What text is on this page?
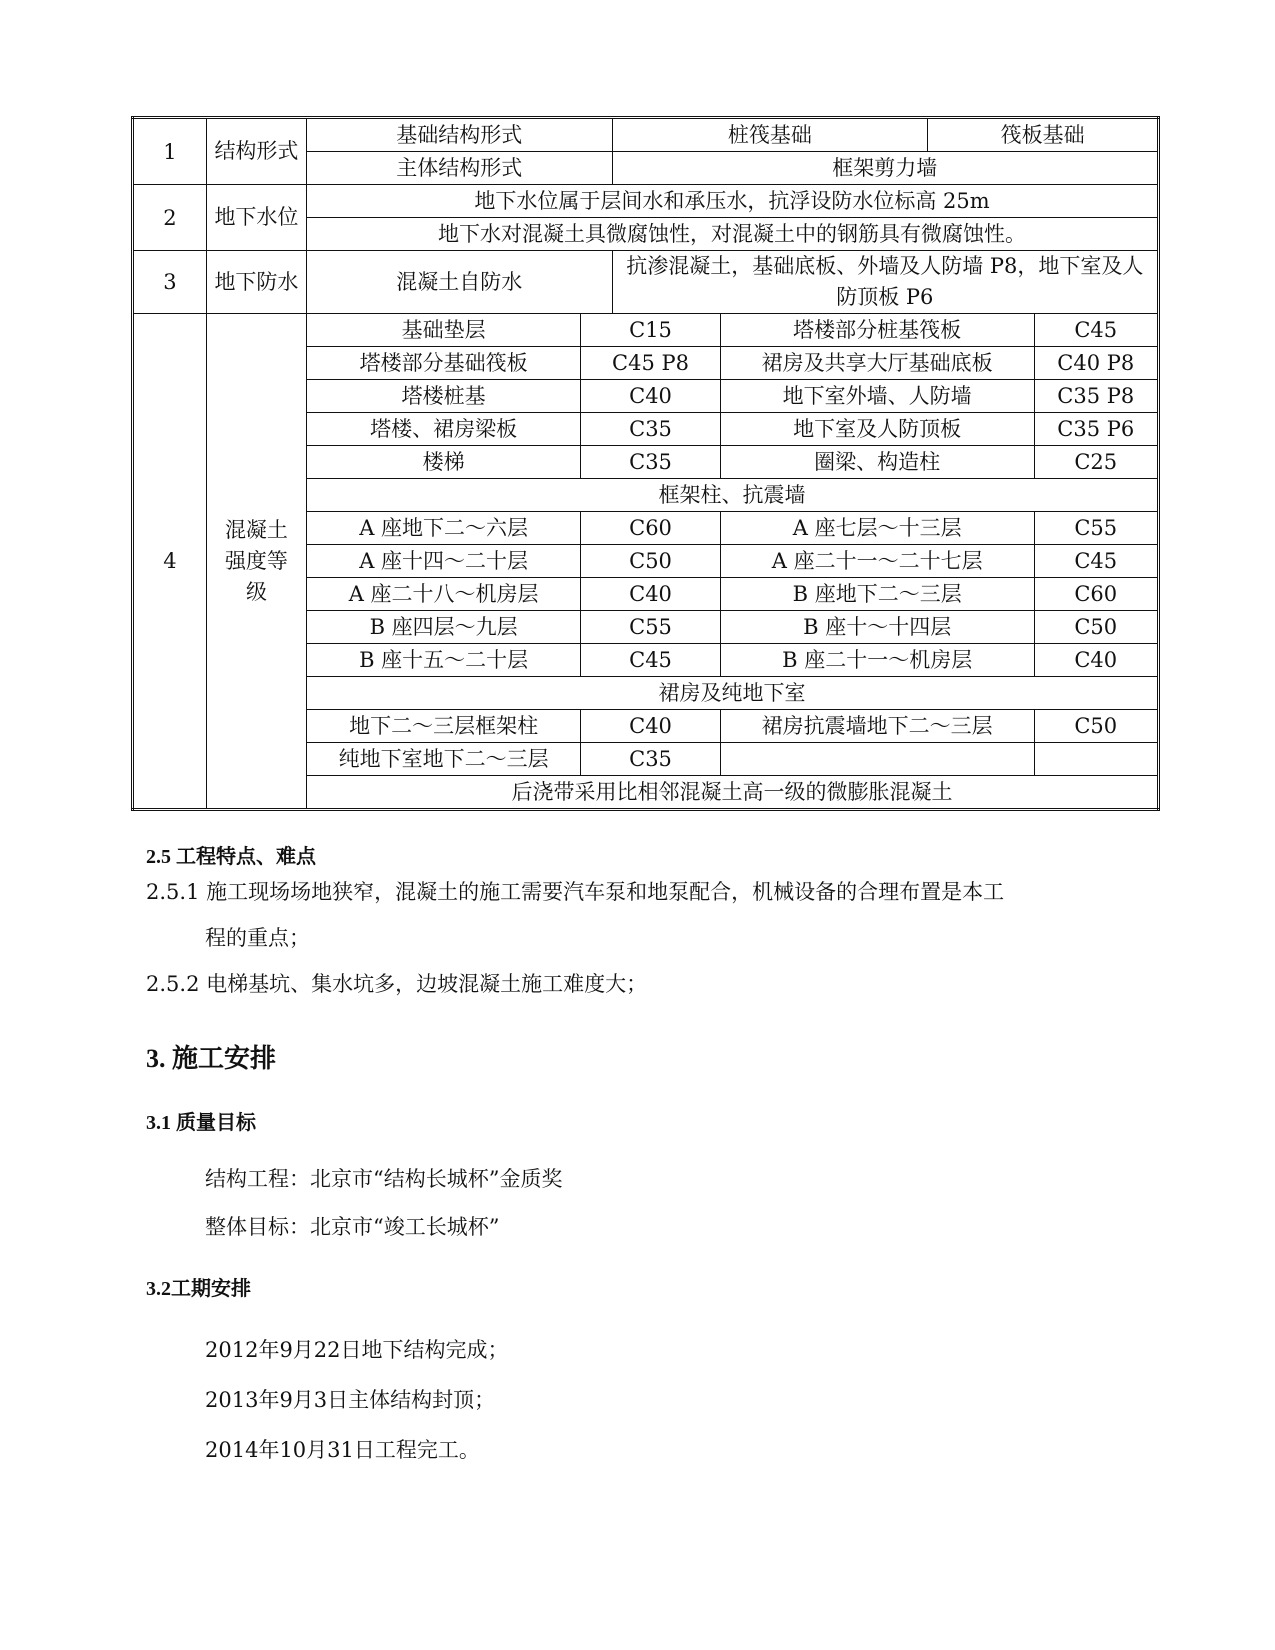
1	结构形式	基础结构形式		桩筏基础		筏板基础	
		主体结构形式		框架剪力墙			
2	地下水位	地下水位属于层间水和承压水，抗浮设防水位标高 25m					
		地下水对混凝土具微腐蚀性，对混凝土中的钢筋具有微腐蚀性。					
3	地下防水	混凝土自防水		抗渗混凝土，基础底板、外墙及人防墙 P8，地下室及人防顶板 P6			
4	混凝土强度等级	基础垫层	C15		塔楼部分桩基筏板		C45
		塔楼部分基础筏板	C45 P8		裙房及共享大厅基础底板		C40 P8
		塔楼桩基	C40		地下室外墙、人防墙		C35 P8
		塔楼、裙房梁板	C35		地下室及人防顶板		C35 P6
		楼梯	C35		圈梁、构造柱		C25
		框架柱、抗震墙					
		A 座地下二～六层	C60		A 座七层～十三层		C55
		A 座十四～二十层	C50		A 座二十一～二十七层		C45
		A 座二十八～机房层	C40		B 座地下二～三层		C60
		B 座四层～九层	C55		B 座十～十四层		C50
		B 座十五～二十层	C45		B 座二十一～机房层		C40
		裙房及纯地下室					
		地下二～三层框架柱	C40		裙房抗震墙地下二～三层		C50
		纯地下室地下二～三层	C35				
		后浇带采用比相邻混凝土高一级的微膨胀混凝土					
2.5 工程特点、难点
2.5.1 施工现场场地狭窄，混凝土的施工需要汽车泵和地泵配合，机械设备的合理布置是本工
程的重点；
2.5.2 电梯基坑、集水坑多，边坡混凝土施工难度大；
3. 施工安排
3.1 质量目标
结构工程：北京市“结构长城杯”金质奖
整体目标：北京市“竣工长城杯”
3.2工期安排
2012年9月22日地下结构完成；
2013年9月3日主体结构封顶；
2014年10月31日工程完工。
